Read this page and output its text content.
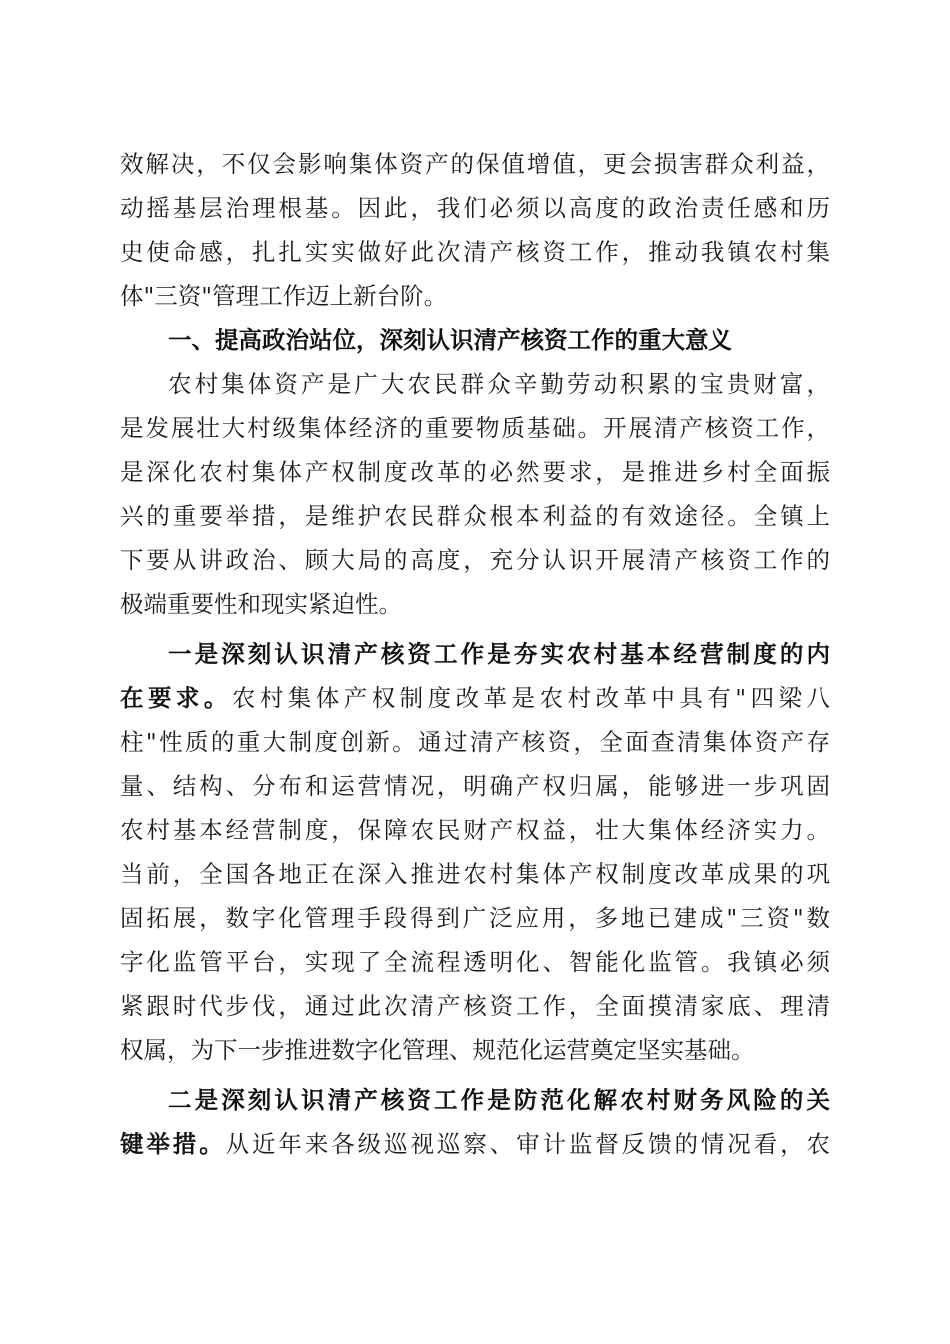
效解决，不仅会影响集体资产的保值增值，更会损害群众利益，
动摇基层治理根基。因此，我们必须以高度的政治责任感和历
史使命感，扎扎实实做好此次清产核资工作，推动我镇农村集
体"三资"管理工作迈上新台阶。
一、提高政治站位，深刻认识清产核资工作的重大意义
农村集体资产是广大农民群众辛勤劳动积累的宝贵财富，
是发展壮大村级集体经济的重要物质基础。开展清产核资工作，
是深化农村集体产权制度改革的必然要求，是推进乡村全面振
兴的重要举措，是维护农民群众根本利益的有效途径。全镇上
下要从讲政治、顾大局的高度，充分认识开展清产核资工作的
极端重要性和现实紧迫性。
一是深刻认识清产核资工作是夯实农村基本经营制度的内
在要求。农村集体产权制度改革是农村改革中具有"四梁八
柱"性质的重大制度创新。通过清产核资，全面查清集体资产存
量、结构、分布和运营情况，明确产权归属，能够进一步巩固
农村基本经营制度，保障农民财产权益，壮大集体经济实力。
当前，全国各地正在深入推进农村集体产权制度改革成果的巩
固拓展，数字化管理手段得到广泛应用，多地已建成"三资"数
字化监管平台，实现了全流程透明化、智能化监管。我镇必须
紧跟时代步伐，通过此次清产核资工作，全面摸清家底、理清
权属，为下一步推进数字化管理、规范化运营奠定坚实基础。
二是深刻认识清产核资工作是防范化解农村财务风险的关
键举措。从近年来各级巡视巡察、审计监督反馈的情况看，农
